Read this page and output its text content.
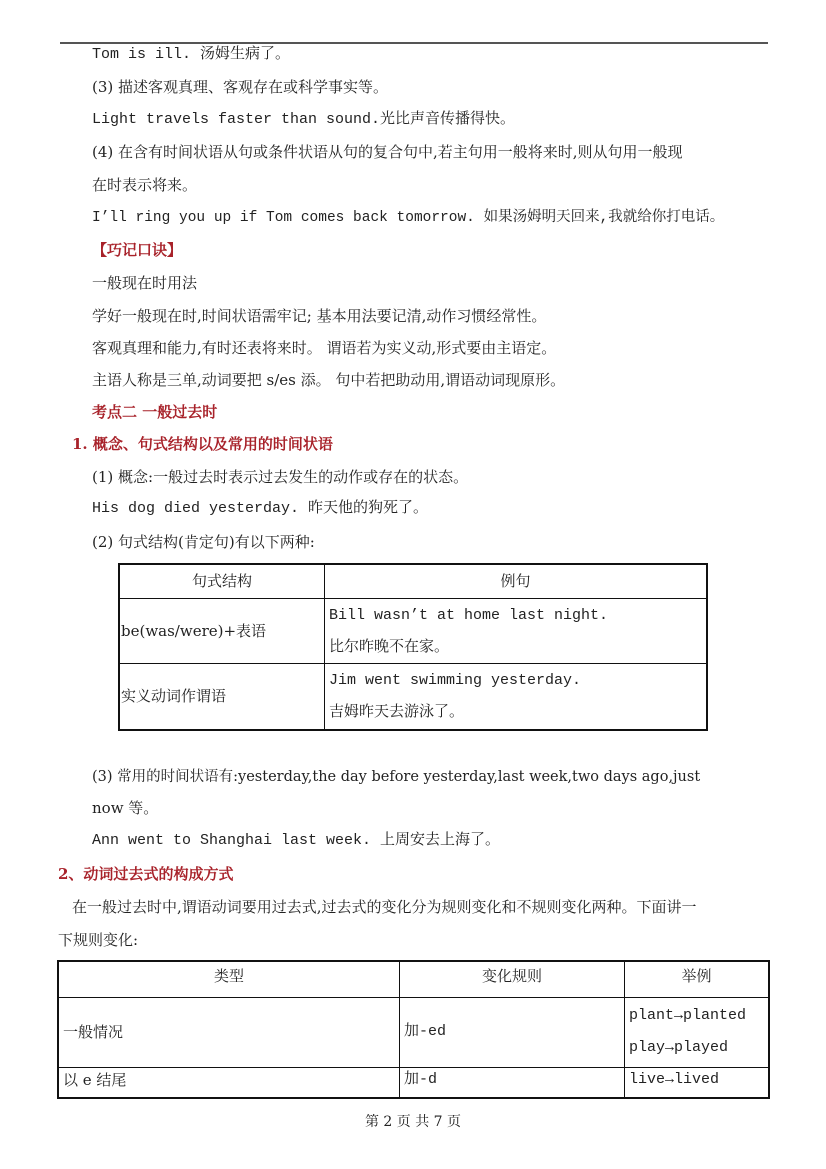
Tom is ill. 汤姆生病了。
(3) 描述客观真理、客观存在或科学事实等。
Light travels faster than sound.光比声音传播得快。
(4) 在含有时间状语从句或条件状语从句的复合句中,若主句用一般将来时,则从句用一般现
在时表示将来。
I’ll ring you up if Tom comes back tomorrow. 如果汤姆明天回来,我就给你打电话。
【巧记口诀】
一般现在时用法
学好一般现在时,时间状语需牢记; 基本用法要记清,动作习惯经常性。
客观真理和能力,有时还表将来时。 谓语若为实义动,形式要由主语定。
主语人称是三单,动词要把 s/es 添。 句中若把助动用,谓语动词现原形。
考点二 一般过去时
1. 概念、句式结构以及常用的时间状语
(1) 概念:一般过去时表示过去发生的动作或存在的状态。
His dog died yesterday. 昨天他的狗死了。
(2) 句式结构(肯定句)有以下两种:
句式结构	例句
be(was/were)+表语	Bill wasn’t at home last night.
比尔昨晚不在家。

实义动词作谓语	Jim went swimming yesterday.
吉姆昨天去游泳了。
(3) 常用的时间状语有:yesterday,the day before yesterday,last week,two days ago,just
now 等。
Ann went to Shanghai last week. 上周安去上海了。
2、动词过去式的构成方式
在一般过去时中,谓语动词要用过去式,过去式的变化分为规则变化和不规则变化两种。下面讲一
下规则变化:
类型	变化规则	举例
一般情况	加-ed	plant→planted
play→played

以 e 结尾	加-d	live→lived
第 2 页 共 7 页
